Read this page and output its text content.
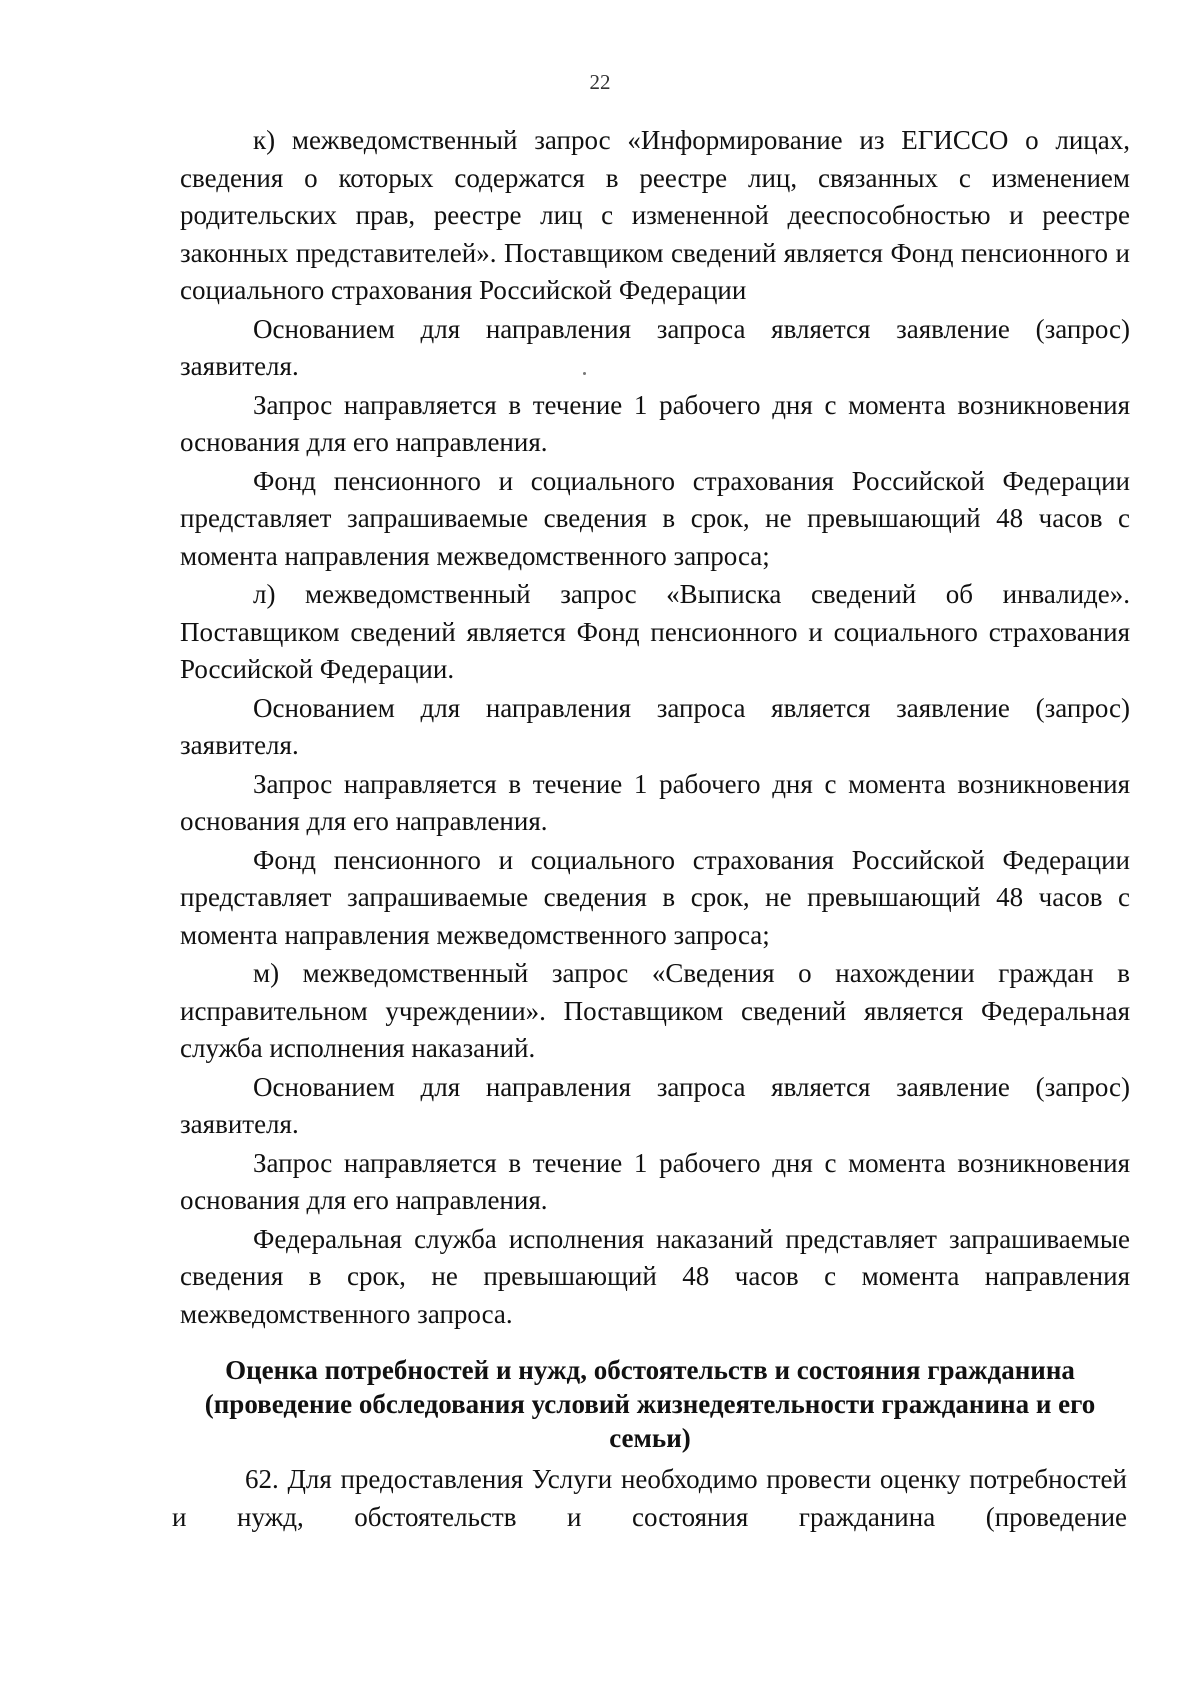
22

к) межведомственный запрос «Информирование из ЕГИССО о лицах, сведения о которых содержатся в реестре лиц, связанных с изменением родительских прав, реестре лиц с измененной дееспособностью и реестре законных представителей». Поставщиком сведений является Фонд пенсионного и социального страхования Российской Федерации

Основанием для направления запроса является заявление (запрос) заявителя.

Запрос направляется в течение 1 рабочего дня с момента возникновения основания для его направления.

Фонд пенсионного и социального страхования Российской Федерации представляет запрашиваемые сведения в срок, не превышающий 48 часов с момента направления межведомственного запроса;

л) межведомственный запрос «Выписка сведений об инвалиде». Поставщиком сведений является Фонд пенсионного и социального страхования Российской Федерации.

Основанием для направления запроса является заявление (запрос) заявителя.

Запрос направляется в течение 1 рабочего дня с момента возникновения основания для его направления.

Фонд пенсионного и социального страхования Российской Федерации представляет запрашиваемые сведения в срок, не превышающий 48 часов с момента направления межведомственного запроса;

м) межведомственный запрос «Сведения о нахождении граждан в исправительном учреждении». Поставщиком сведений является Федеральная служба исполнения наказаний.

Основанием для направления запроса является заявление (запрос) заявителя.

Запрос направляется в течение 1 рабочего дня с момента возникновения основания для его направления.

Федеральная служба исполнения наказаний представляет запрашиваемые сведения в срок, не превышающий 48 часов с момента направления межведомственного запроса.

Оценка потребностей и нужд, обстоятельств и состояния гражданина (проведение обследования условий жизнедеятельности гражданина и его семьи)

62. Для предоставления Услуги необходимо провести оценку потребностей и нужд, обстоятельств и состояния гражданина (проведение
